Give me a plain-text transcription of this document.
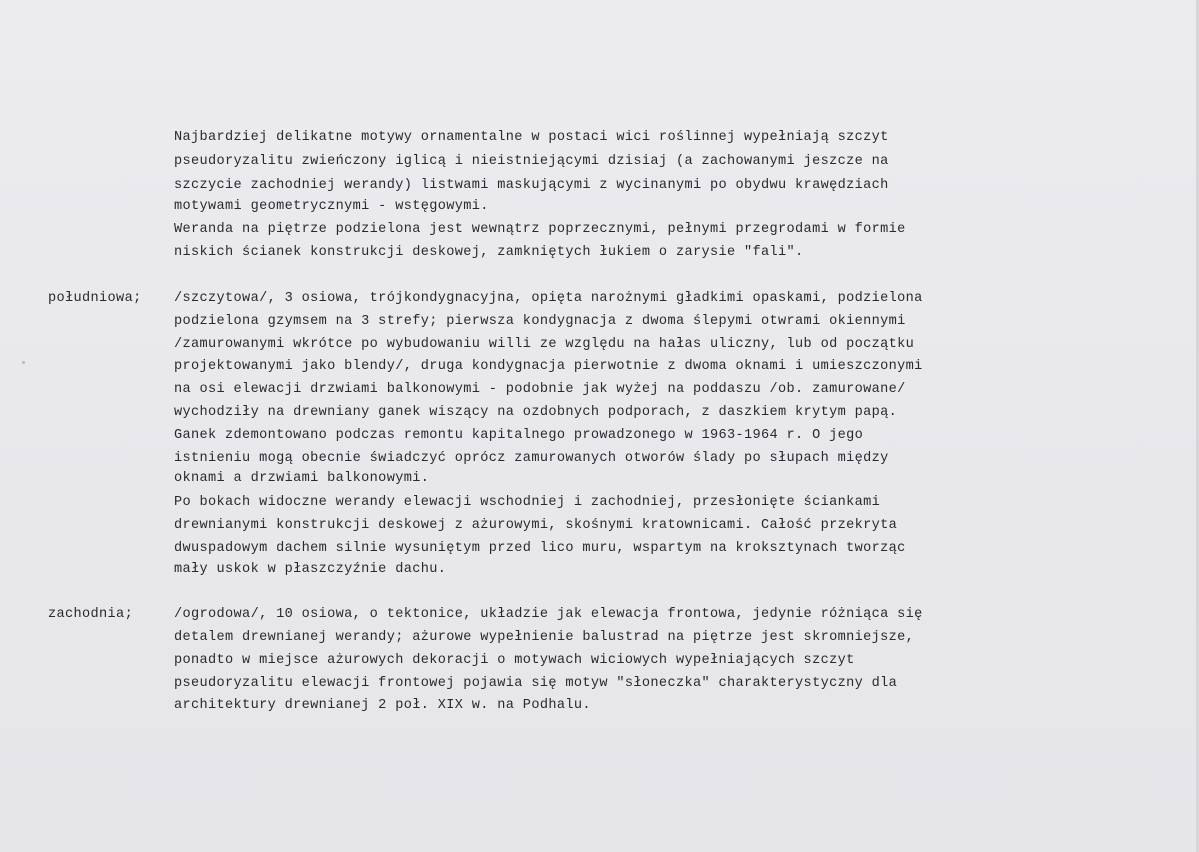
Najbardziej delikatne motywy ornamentalne w postaci wici roślinnej wypełniają szczyt
pseudoryzalitu zwieńczony iglicą i nieistniejącymi dzisiaj (a zachowanymi jeszcze na
szczycie zachodniej werandy) listwami maskującymi z wycinanymi po obydwu krawędziach
motywami geometrycznymi - wstęgowymi.
Weranda na piętrze podzielona jest wewnątrz poprzecznymi, pełnymi przegrodami w formie
niskich ścianek konstrukcji deskowej, zamkniętych łukiem o zarysie "fali".
południowa; /szczytowa/, 3 osiowa, trójkondygnacyjna, opięta narożnymi gładkimi opaskami, podzielona
podzielona gzymsem na 3 strefy; pierwsza kondygnacja z dwoma ślepymi otwrami okiennymi
/zamurowanymi wkrótce po wybudowaniu willi ze względu na hałas uliczny, lub od początku
projektowanymi jako blendy/, druga kondygnacja pierwotnie z dwoma oknami i umieszczonymi
na osi elewacji drzwiami balkonowymi - podobnie jak wyżej na poddaszu /ob. zamurowane/
wychodziły na drewniany ganek wiszący na ozdobnych podporach, z daszkiem krytym papą.
Ganek zdemontowano podczas remontu kapitalnego prowadzonego w 1963-1964 r. O jego
istnieniu mogą obecnie świadczyć oprócz zamurowanych otworów ślady po słupach między
oknami a drzwiami balkonowymi.
Po bokach widoczne werandy elewacji wschodniej i zachodniej, przesłonięte ściankami
drewnianymi konstrukcji deskowej z ażurowymi, skośnymi kratownicami. Całość przekryta
dwuspadowym dachem silnie wysuniętym przed lico muru, wspartym na kroksztynach tworząc
mały uskok w płaszczyźnie dachu.
zachodnia;	/ogrodowa/, 10 osiowa, o tektonice, układzie jak elewacja frontowa, jedynie różniąca się
detalem drewnianej werandy; ażurowe wypełnienie balustrad na piętrze jest skromniejsze,
ponadto w miejsce ażurowych dekoracji o motywach wiciowych wypełniających szczyt
pseudoryzalitu elewacji frontowej pojawia się motyw "słoneczka" charakterystyczny dla
architektury drewnianej 2 poł. XIX w. na Podhalu.
